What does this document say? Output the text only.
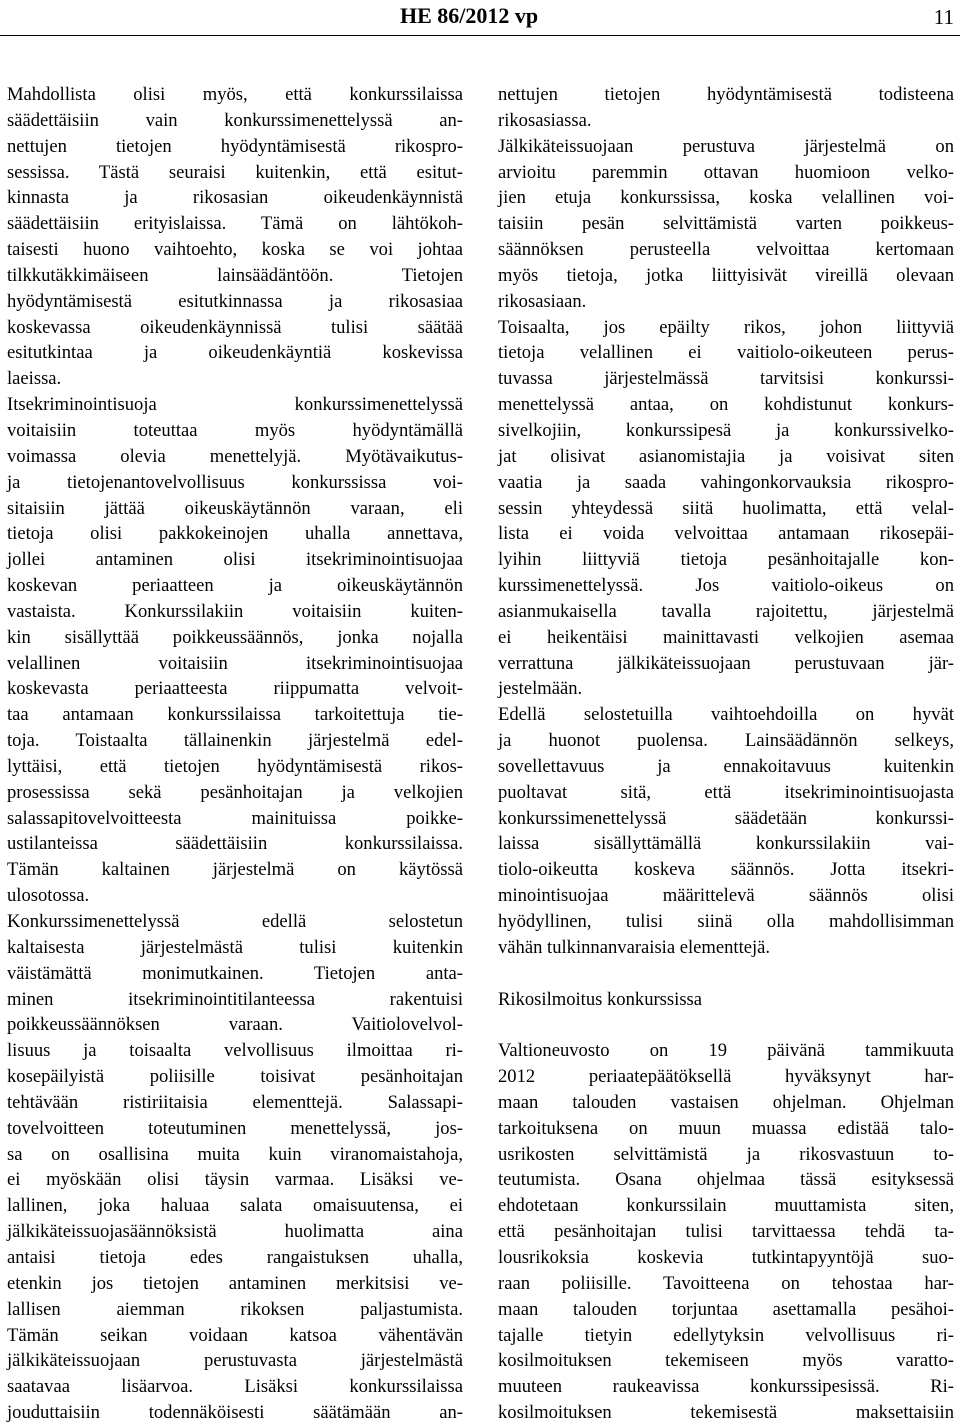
HE 86/2012 vp	11
Mahdollista olisi myös, että konkurssilaissa
säädettäisiin vain konkurssimenettelyssä an-
nettujen tietojen hyödyntämisestä rikospro-
sessissa. Tästä seuraisi kuitenkin, että esitut-
kinnasta ja rikosasian oikeudenkäynnistä
säädettäisiin erityislaissa. Tämä on lähtökoh-
taisesti huono vaihtoehto, koska se voi johtaa
tilkkutäkkimäiseen lainsäädäntöön. Tietojen
hyödyntämisestä esitutkinnassa ja rikosasiaa
koskevassa oikeudenkäynnissä tulisi säätää
esitutkintaa ja oikeudenkäyntiä koskevissa
laeissa.
Itsekriminointisuoja konkurssimenettelyssä
voitaisiin toteuttaa myös hyödyntämällä
voimassa olevia menettelyjä. Myötävaikutus-
ja tietojenantovelvollisuus konkurssissa voi-
sitaisiin jättää oikeuskäytännön varaan, eli
tietoja olisi pakkokeinojen uhalla annettava,
jollei antaminen olisi itsekriminointisuojaa
koskevan periaatteen ja oikeuskäytännön
vastaista. Konkurssilakiin voitaisiin kuiten-
kin sisällyttää poikkeussäännös, jonka nojalla
velallinen voitaisiin itsekriminointisuojaa
koskevasta periaatteesta riippumatta velvoit-
taa antamaan konkurssilaissa tarkoitettuja tie-
toja. Toistaalta tällainenkin järjestelmä edel-
lyttäisi, että tietojen hyödyntämisestä rikos-
prosessissa sekä pesänhoitajan ja velkojien
salassapitovelvoitteesta mainituissa poikke-
ustilanteissa säädettäisiin konkurssilaissa.
Tämän kaltainen järjestelmä on käytössä
ulosotossa.
Konkurssimenettelyssä edellä selostetun
kaltaisesta järjestelmästä tulisi kuitenkin
väistämättä monimutkainen. Tietojen anta-
minen itsekriminointitilanteessa rakentuisi
poikkeussäännöksen varaan. Vaitiolovelvol-
lisuus ja toisaalta velvollisuus ilmoittaa ri-
kosepäilyistä poliisille toisivat pesänhoitajan
tehtävään ristiriitaisia elementtejä. Salassapi-
tovelvoitteen toteutuminen menettelyssä, jos-
sa on osallisina muita kuin viranomaistahoja,
ei myöskään olisi täysin varmaa. Lisäksi ve-
lallinen, joka haluaa salata omaisuutensa, ei
jälkikäteissuojasäännöksistä huolimatta aina
antaisi tietoja edes rangaistuksen uhalla,
etenkin jos tietojen antaminen merkitsisi ve-
lallisen aiemman rikoksen paljastumista.
Tämän seikan voidaan katsoa vähentävän
jälkikäteissuojaan perustuvasta järjestelmästä
saatavaa lisäarvoa. Lisäksi konkurssilaissa
jouduttaisiin todennäköisesti säätämään an-
nettujen tietojen hyödyntämisestä todisteena
rikosasiassa.
Jälkikäteissuojaan perustuva järjestelmä on
arvioitu paremmin ottavan huomioon velko-
jien etuja konkurssissa, koska velallinen voi-
taisiin pesän selvittämistä varten poikkeus-
säännöksen perusteella velvoittaa kertomaan
myös tietoja, jotka liittyisivät vireillä olevaan
rikosasiaan.
Toisaalta, jos epäilty rikos, johon liittyviä
tietoja velallinen ei vaitiolo-oikeuteen perus-
tuvassa järjestelmässä tarvitsisi konkurssi-
menettelyssä antaa, on kohdistunut konkurs-
sivelkojiin, konkurssipesä ja konkurssivelko-
jat olisivat asianomistajia ja voisivat siten
vaatia ja saada vahingonkorvauksia rikospro-
sessin yhteydessä siitä huolimatta, että velal-
lista ei voida velvoittaa antamaan rikosepäi-
lyihin liittyviä tietoja pesänhoitajalle kon-
kurssimenettelyssä. Jos vaitiolo-oikeus on
asianmukaisella tavalla rajoitettu, järjestelmä
ei heikentäisi mainittavasti velkojien asemaa
verrattuna jälkikäteissuojaan perustuvaan jär-
jestelmään.
Edellä selostetuilla vaihtoehdoilla on hyvät
ja huonot puolensa. Lainsäädännön selkeys,
sovellettavuus ja ennakoitavuus kuitenkin
puoltavat sitä, että itsekriminointisuojasta
konkurssimenettelyssä säädetään konkurssi-
laissa sisällyttämällä konkurssilakiin vai-
tiolo-oikeutta koskeva säännös. Jotta itsekri-
minointisuojaa määrittelevä säännös olisi
hyödyllinen, tulisi siinä olla mahdollisimman
vähän tulkinnanvaraisia elementtejä.
Rikosilmoitus konkurssissa
Valtioneuvosto on 19 päivänä tammikuuta
2012 periaatepäätöksellä hyväksynyt har-
maan talouden vastaisen ohjelman. Ohjelman
tarkoituksena on muun muassa edistää talo-
usrikosten selvittämistä ja rikosvastuun to-
teutumista. Osana ohjelmaa tässä esityksessä
ehdotetaan konkurssilain muuttamista siten,
että pesänhoitajan tulisi tarvittaessa tehdä ta-
lousrikoksia koskevia tutkintapyyntöjä suo-
raan poliisille. Tavoitteena on tehostaa har-
maan talouden torjuntaa asettamalla pesähoi-
tajalle tietyin edellytyksin velvollisuus ri-
kosilmoituksen tekemiseen myös varatto-
muuteen raukeavissa konkurssipesissä. Ri-
kosilmoituksen tekemisestä maksettaisiin
